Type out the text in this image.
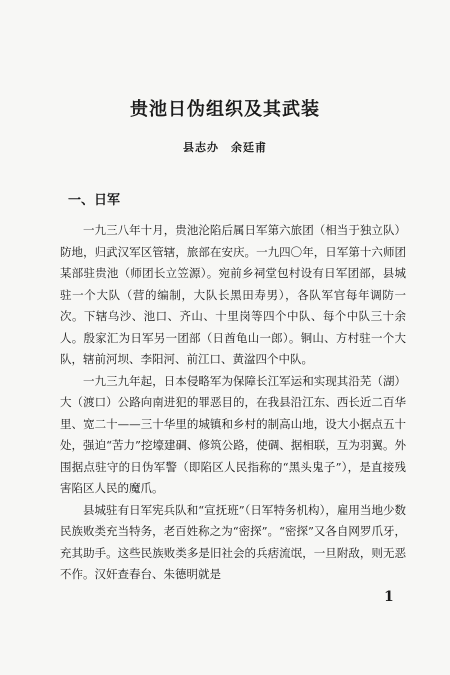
贵池日伪组织及其武装
县志办　余廷甫
一、日军

一九三八年十月，贵池沦陷后属日军第六旅团（相当于独立队）防地，归武汉军区管辖，旅部在安庆。一九四〇年，日军第十六师团某部驻贵池（师团长立笠源）。宛前乡祠堂包村设有日军团部，县城驻一个大队（营的编制，大队长黑田寿男），各队军官每年调防一次。下辖乌沙、池口、齐山、十里岗等四个中队、每个中队三十余人。殷家汇为日军另一团部（日酋龟山一郎）。铜山、方村驻一个大队，辖前河坝、李阳河、前江口、黄湓四个中队。

一九三九年起，日本侵略军为保障长江军运和实现其沿芜（湖）大（渡口）公路向南进犯的罪恶目的，在我县沿江东、西长近二百华里、宽二十——三十华里的城镇和乡村的制高山地，设大小据点五十处，强迫“苦力”挖壕建碉、修筑公路，使碉、据相联，互为羽翼。外围据点驻守的日伪军警（即陷区人民指称的“黑头鬼子”），是直接残害陷区人民的魔爪。

县城驻有日军宪兵队和“宣抚班”（日军特务机构），雇用当地少数民族败类充当特务，老百姓称之为“密探”。“密探”又各自网罗爪牙，充其助手。这些民族败类多是旧社会的兵痞流氓，一旦附敌，则无恶不作。汉奸查春台、朱德明就是

1
